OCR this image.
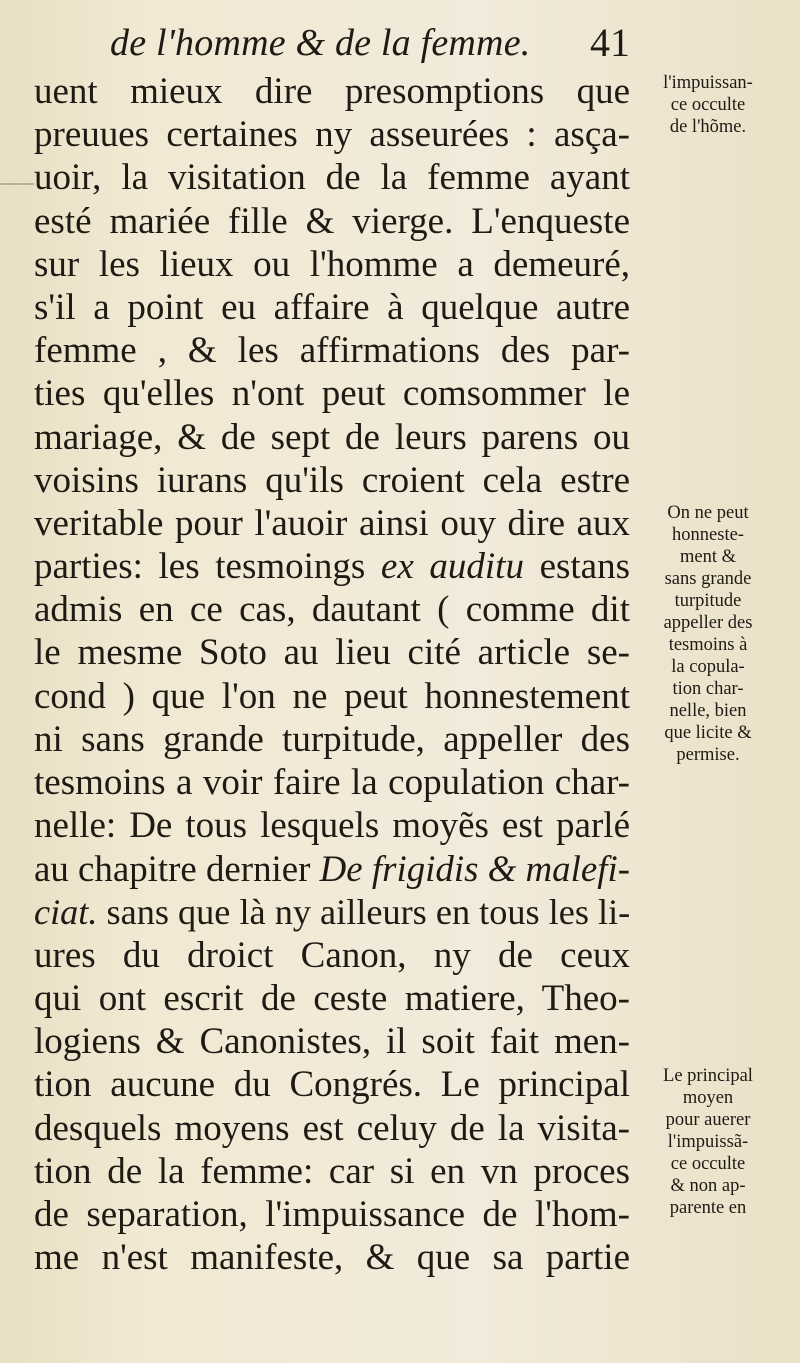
de l'homme & de la femme. 41
uent mieux dire presomptions que
preuues certaines ny asseurées : asça-
uoir, la visitation de la femme ayant
esté mariée fille & vierge. L'enqueste
sur les lieux ou l'homme a demeuré,
s'il a point eu affaire à quelque autre
femme , & les affirmations des par-
ties qu'elles n'ont peut comsommer le
mariage, & de sept de leurs parens ou
voisins iurans qu'ils croient cela estre
veritable pour l'auoir ainsi ouy dire aux
parties: les tesmoings ex auditu estans
admis en ce cas, dautant ( comme dit
le mesme Soto au lieu cité article se-
cond ) que l'on ne peut honnestement
ni sans grande turpitude, appeller des
tesmoins a voir faire la copulation char-
nelle: De tous lesquels moyẽs est parlé
au chapitre dernier De frigidis & malefi-
ciat. sans que là ny ailleurs en tous les li-
ures du droict Canon, ny de ceux
qui ont escrit de ceste matiere, Theo-
logiens & Canonistes, il soit fait men-
tion aucune du Congrés. Le principal
desquels moyens est celuy de la visita-
tion de la femme: car si en vn proces
de separation, l'impuissance de l'hom-
me n'est manifeste, & que sa partie
l'impuissan-
ce occulte
de l'hõme.
On ne peut
honneste-
ment &
sans grande
turpitude
appeller des
tesmoins à
la copula-
tion char-
nelle, bien
que licite &
permise.
Le principal
moyen
pour auerer
l'impuissã-
ce occulte
& non ap-
parente en
